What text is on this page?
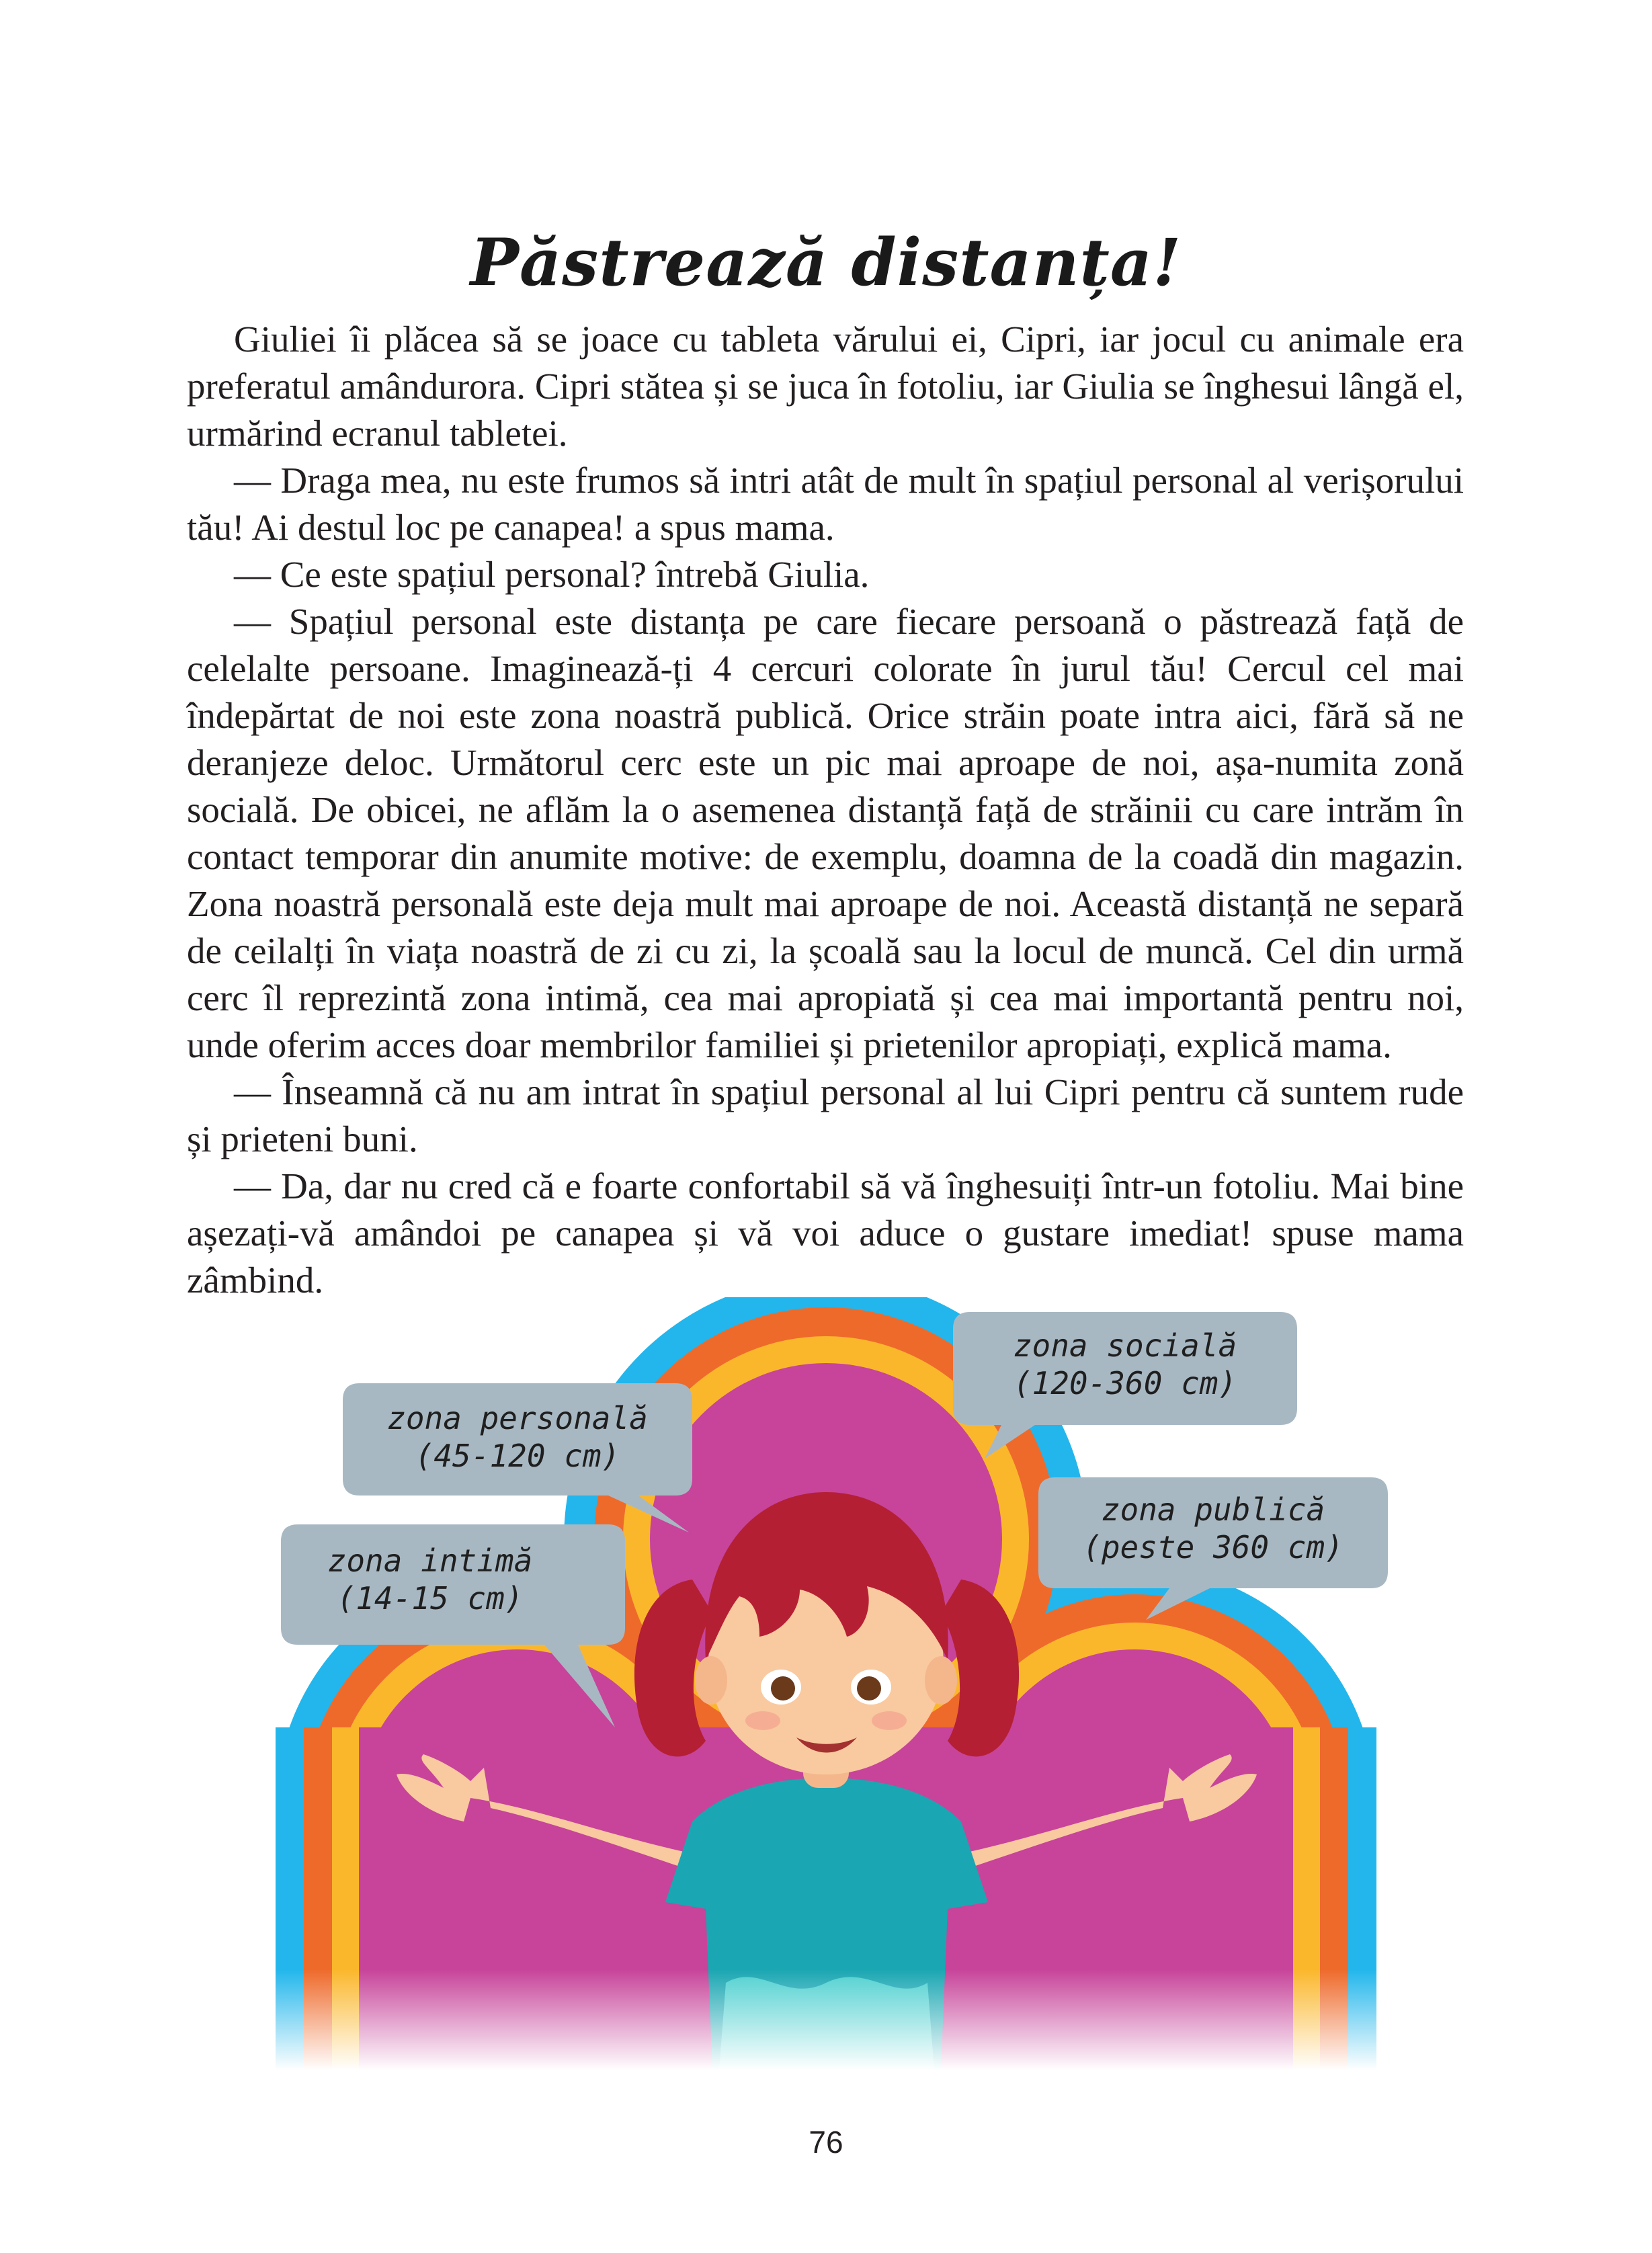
Păstrează distanța!

Giuliei îi plăcea să se joace cu tableta vărului ei, Cipri, iar jocul cu animale era preferatul amândurora. Cipri stătea și se juca în fotoliu, iar Giulia se înghesui lângă el, urmărind ecranul tabletei.

— Draga mea, nu este frumos să intri atât de mult în spațiul personal al verișorului tău! Ai destul loc pe canapea! a spus mama.

— Ce este spațiul personal? întrebă Giulia.

— Spațiul personal este distanța pe care fiecare persoană o păstrează față de celelalte persoane. Imaginează-ți 4 cercuri colorate în jurul tău! Cercul cel mai îndepărtat de noi este zona noastră publică. Orice străin poate intra aici, fără să ne deranjeze deloc. Următorul cerc este un pic mai aproape de noi, așa-numita zonă socială. De obicei, ne aflăm la o asemenea distanță față de străinii cu care intrăm în contact temporar din anumite motive: de exemplu, doamna de la coadă din magazin. Zona noastră personală este deja mult mai aproape de noi. Această distanță ne separă de ceilalți în viața noastră de zi cu zi, la școală sau la locul de muncă. Cel din urmă cerc îl reprezintă zona intimă, cea mai apropiată și cea mai importantă pentru noi, unde oferim acces doar membrilor familiei și prietenilor apropiați, explică mama.

— Înseamnă că nu am intrat în spațiul personal al lui Cipri pentru că suntem rude și prieteni buni.

— Da, dar nu cred că e foarte confortabil să vă înghesuiți într-un fotoliu. Mai bine așezați-vă amândoi pe canapea și vă voi aduce o gustare imediat! spuse mama zâmbind.

zona personală
(45-120 cm)
zona intimă
(14-15 cm)
zona socială
(120-360 cm)
zona publică
(peste 360 cm)
76
